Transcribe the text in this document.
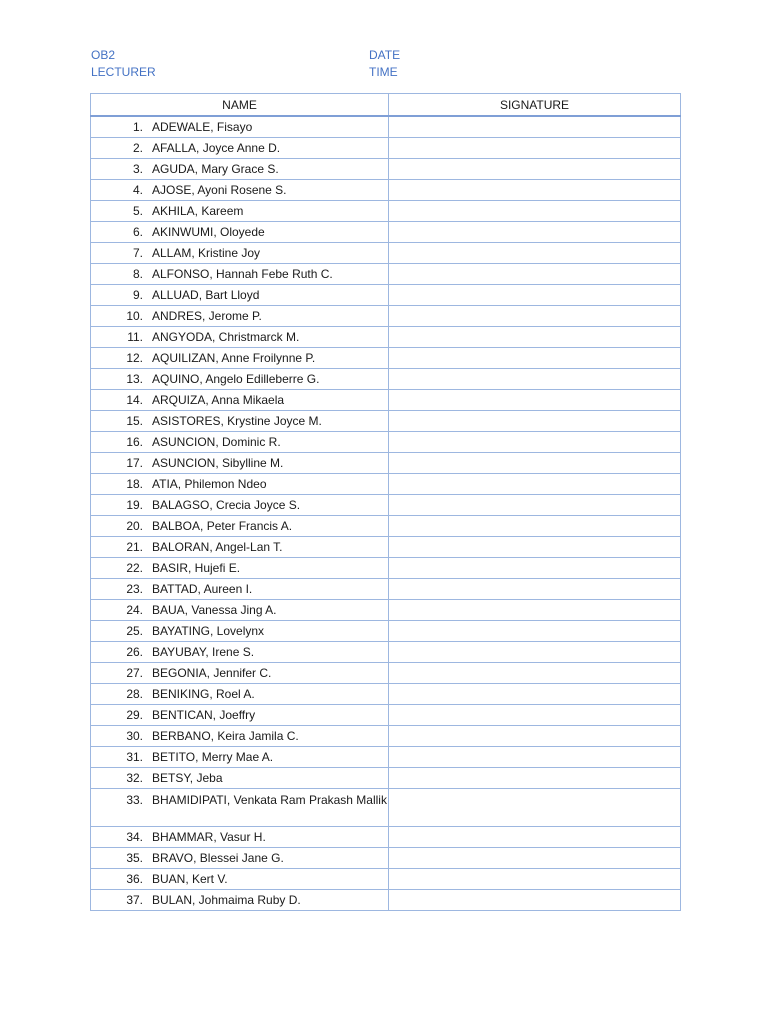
OB2
LECTURER
DATE
TIME
NAME	SIGNATURE

1. ADEWALE, Fisayo	

2. AFALLA, Joyce Anne D.	

3. AGUDA, Mary Grace S.	

4. AJOSE, Ayoni Rosene S.	

5. AKHILA, Kareem	

6. AKINWUMI, Oloyede	

7. ALLAM, Kristine Joy	

8. ALFONSO, Hannah Febe Ruth C.	

9. ALLUAD, Bart Lloyd	

10. ANDRES, Jerome P.	

11. ANGYODA, Christmarck M.	

12. AQUILIZAN, Anne Froilynne P.	

13. AQUINO, Angelo Edilleberre G.	

14. ARQUIZA, Anna Mikaela	

15. ASISTORES, Krystine Joyce M.	

16. ASUNCION, Dominic R.	

17. ASUNCION, Sibylline M.	

18. ATIA, Philemon Ndeo	

19. BALAGSO, Crecia Joyce S.	

20. BALBOA, Peter Francis A.	

21. BALORAN, Angel-Lan T.	

22. BASIR, Hujefi E.	

23. BATTAD, Aureen I.	

24. BAUA, Vanessa Jing A.	

25. BAYATING, Lovelynx	

26. BAYUBAY, Irene S.	

27. BEGONIA, Jennifer C.	

28. BENIKING, Roel A.	

29. BENTICAN, Joeffry	

30. BERBANO, Keira Jamila C.	

31. BETITO, Merry Mae A.	

32. BETSY, Jeba	

33. BHAMIDIPATI, Venkata Ram Prakash Mallik	

34. BHAMMAR, Vasur H.	

35. BRAVO, Blessei Jane G.	

36. BUAN, Kert V.	

37. BULAN, Johmaima Ruby D.	
